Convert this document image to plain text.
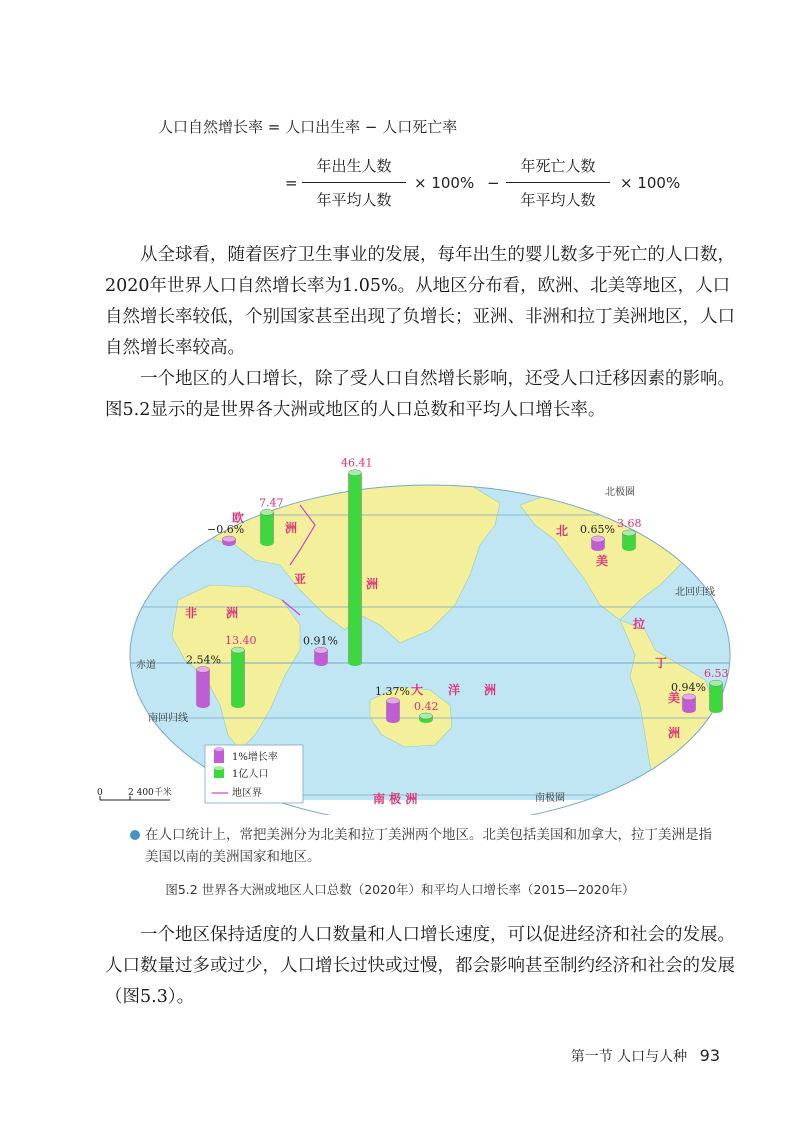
人口自然增长率 = 人口出生率 − 人口死亡率
=
年出生人数
年平均人数
× 100% −
年死亡人数
年平均人数
× 100%

从全球看，随着医疗卫生事业的发展，每年出生的婴儿数多于死亡的人口数，2020年世界人口自然增长率为1.05%。从地区分布看，欧洲、北美等地区，人口自然增长率较低，个别国家甚至出现了负增长；亚洲、非洲和拉丁美洲地区，人口自然增长率较高。

一个地区的人口增长，除了受人口自然增长影响，还受人口迁移因素的影响。图5.2显示的是世界各大洲或地区的人口总数和平均人口增长率。

北极圈
北回归线
赤道
南回归线
南极圈
欧
洲
亚	洲
非 洲
北
美
拉
丁
美
洲
大 洋 洲
南 极 洲
7.47
−0.6%
46.41
0.91%
13.40
2.54%
3.68
0.65%
6.53
0.94%
0.42
1.37%
1%增长率
1亿人口
地区界
0	2 400千米
在人口统计上，常把美洲分为北美和拉丁美洲两个地区。北美包括美国和加拿大，拉丁美洲是指美国以南的美洲国家和地区。
图5.2 世界各大洲或地区人口总数（2020年）和平均人口增长率（2015—2020年）

一个地区保持适度的人口数量和人口增长速度，可以促进经济和社会的发展。人口数量过多或过少，人口增长过快或过慢，都会影响甚至制约经济和社会的发展（图5.3）。

第一节 人口与人种 93
